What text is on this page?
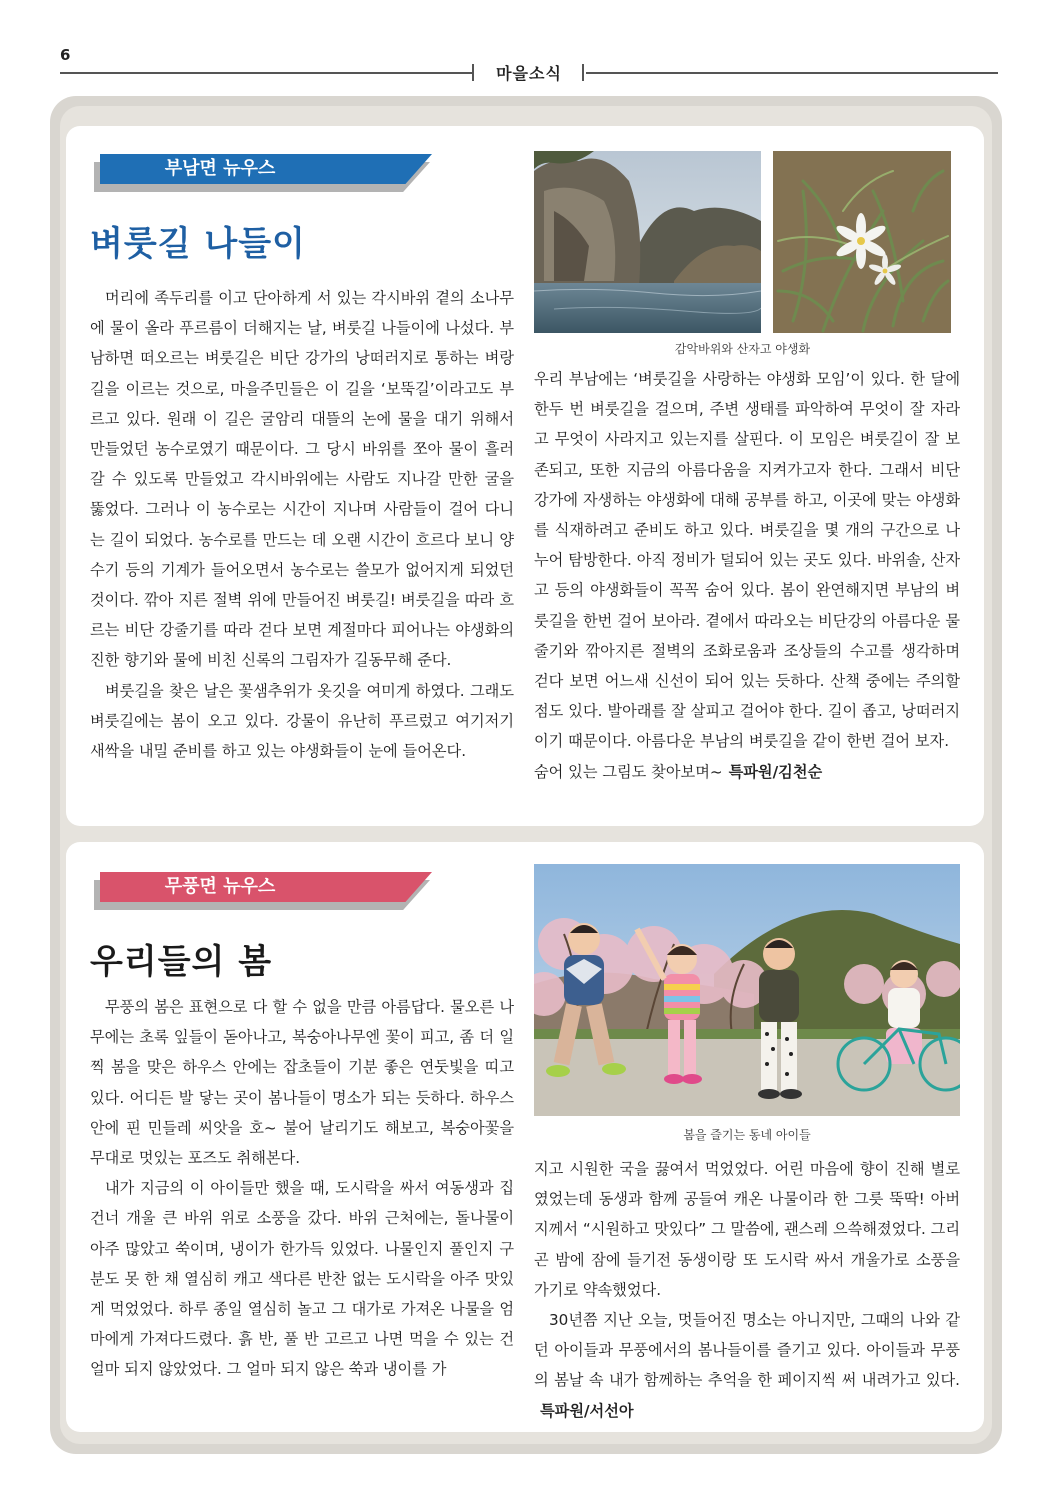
6
마을소식
부남면 뉴우스
벼룻길 나들이

머리에 족두리를 이고 단아하게 서 있는 각시바위 곁의 소나무에 물이 올라 푸르름이 더해지는 날, 벼룻길 나들이에 나섰다. 부남하면 떠오르는 벼룻길은 비단 강가의 낭떠러지로 통하는 벼랑길을 이르는 것으로, 마을주민들은 이 길을 ‘보뚝길’이라고도 부르고 있다. 원래 이 길은 굴암리 대뜰의 논에 물을 대기 위해서 만들었던 농수로였기 때문이다. 그 당시 바위를 쪼아 물이 흘러갈 수 있도록 만들었고 각시바위에는 사람도 지나갈 만한 굴을 뚫었다. 그러나 이 농수로는 시간이 지나며 사람들이 걸어 다니는 길이 되었다. 농수로를 만드는 데 오랜 시간이 흐르다 보니 양수기 등의 기계가 들어오면서 농수로는 쓸모가 없어지게 되었던 것이다. 깎아 지른 절벽 위에 만들어진 벼룻길! 벼룻길을 따라 흐르는 비단 강줄기를 따라 걷다 보면 계절마다 피어나는 야생화의 진한 향기와 물에 비친 신록의 그림자가 길동무해 준다.

벼룻길을 찾은 날은 꽃샘추위가 옷깃을 여미게 하였다. 그래도 벼룻길에는 봄이 오고 있다. 강물이 유난히 푸르렀고 여기저기 새싹을 내밀 준비를 하고 있는 야생화들이 눈에 들어온다.

감악바위와 산자고 야생화

우리 부남에는 ‘벼룻길을 사랑하는 야생화 모임’이 있다. 한 달에 한두 번 벼룻길을 걸으며, 주변 생태를 파악하여 무엇이 잘 자라고 무엇이 사라지고 있는지를 살핀다. 이 모임은 벼룻길이 잘 보존되고, 또한 지금의 아름다움을 지켜가고자 한다. 그래서 비단 강가에 자생하는 야생화에 대해 공부를 하고, 이곳에 맞는 야생화를 식재하려고 준비도 하고 있다. 벼룻길을 몇 개의 구간으로 나누어 탐방한다. 아직 정비가 덜되어 있는 곳도 있다. 바위솔, 산자고 등의 야생화들이 꼭꼭 숨어 있다. 봄이 완연해지면 부남의 벼룻길을 한번 걸어 보아라. 곁에서 따라오는 비단강의 아름다운 물줄기와 깎아지른 절벽의 조화로움과 조상들의 수고를 생각하며 걷다 보면 어느새 신선이 되어 있는 듯하다. 산책 중에는 주의할 점도 있다. 발아래를 잘 살피고 걸어야 한다. 길이 좁고, 낭떠러지이기 때문이다. 아름다운 부남의 벼룻길을 같이 한번 걸어 보자.

숨어 있는 그림도 찾아보며~ 특파원/김천순

무풍면 뉴우스
우리들의 봄

무풍의 봄은 표현으로 다 할 수 없을 만큼 아름답다. 물오른 나무에는 초록 잎들이 돋아나고, 복숭아나무엔 꽃이 피고, 좀 더 일찍 봄을 맞은 하우스 안에는 잡초들이 기분 좋은 연둣빛을 띠고 있다. 어디든 발 닿는 곳이 봄나들이 명소가 되는 듯하다. 하우스 안에 핀 민들레 씨앗을 호~ 불어 날리기도 해보고, 복숭아꽃을 무대로 멋있는 포즈도 취해본다.

내가 지금의 이 아이들만 했을 때, 도시락을 싸서 여동생과 집 건너 개울 큰 바위 위로 소풍을 갔다. 바위 근처에는, 돌나물이 아주 많았고 쑥이며, 냉이가 한가득 있었다. 나물인지 풀인지 구분도 못 한 채 열심히 캐고 색다른 반찬 없는 도시락을 아주 맛있게 먹었었다. 하루 종일 열심히 놀고 그 대가로 가져온 나물을 엄마에게 가져다드렸다. 흙 반, 풀 반 고르고 나면 먹을 수 있는 건 얼마 되지 않았었다. 그 얼마 되지 않은 쑥과 냉이를 가

봄을 즐기는 동네 아이들

지고 시원한 국을 끓여서 먹었었다. 어린 마음에 향이 진해 별로였었는데 동생과 함께 공들여 캐온 나물이라 한 그릇 뚝딱! 아버지께서 “시원하고 맛있다” 그 말씀에, 괜스레 으쓱해졌었다. 그리곤 밤에 잠에 들기전 동생이랑 또 도시락 싸서 개울가로 소풍을 가기로 약속했었다.

30년쯤 지난 오늘, 멋들어진 명소는 아니지만, 그때의 나와 같던 아이들과 무풍에서의 봄나들이를 즐기고 있다. 아이들과 무풍의 봄날 속 내가 함께하는 추억을 한 페이지씩 써 내려가고 있다.특파원/서선아
